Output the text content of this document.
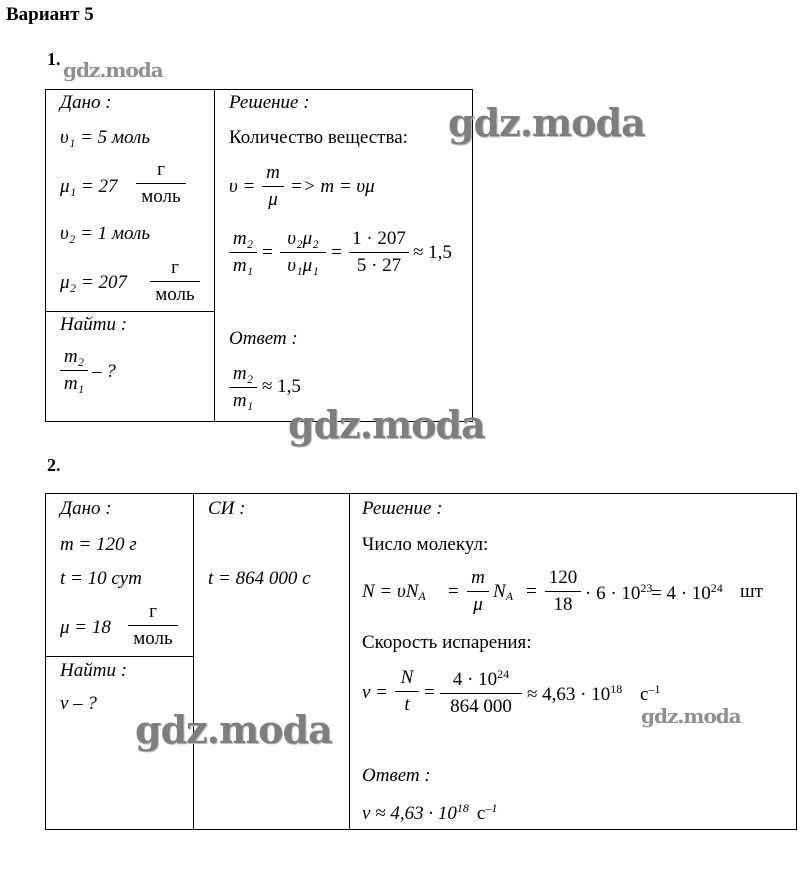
Вариант 5
1. gdz.moda
Дано :
υ₁ = 5 моль
μ₁ = 27
г
моль
υ₂ = 1 моль
μ₂ = 207
г
моль
Найти :
m₂
m₁
– ?
Решение :
Количество вещества:
υ =
m
μ
=> m = υμ
m₂
m₁
=
υ₂μ₂
υ₁μ₁
=
1 · 207
5 · 27
≈ 1,5
Ответ :
m₂
m₁
≈ 1,5
gdz.moda
gdz.moda
2.
Дано :
m = 120 г
t = 10 сут
μ = 18
г
моль
Найти :
ν – ?
СИ :
t = 864 000 с
Решение :
Число молекул:
$N = \upsilon N_A$ =
m
μ
$N_A$ =
120
18
· $6 \cdot 10^{23}$
= $4 \cdot 10^{24}$ шт
Скорость испарения:
ν =
N
t
=
$4 \cdot 10^{24}$
864 000
≈ $4,63 \cdot 10^{18}$ $с^{-1}$
Ответ :
$\nu \approx 4,63 \cdot 10^{18}$ $с^{-1}$
gdz.moda	gdz.moda
